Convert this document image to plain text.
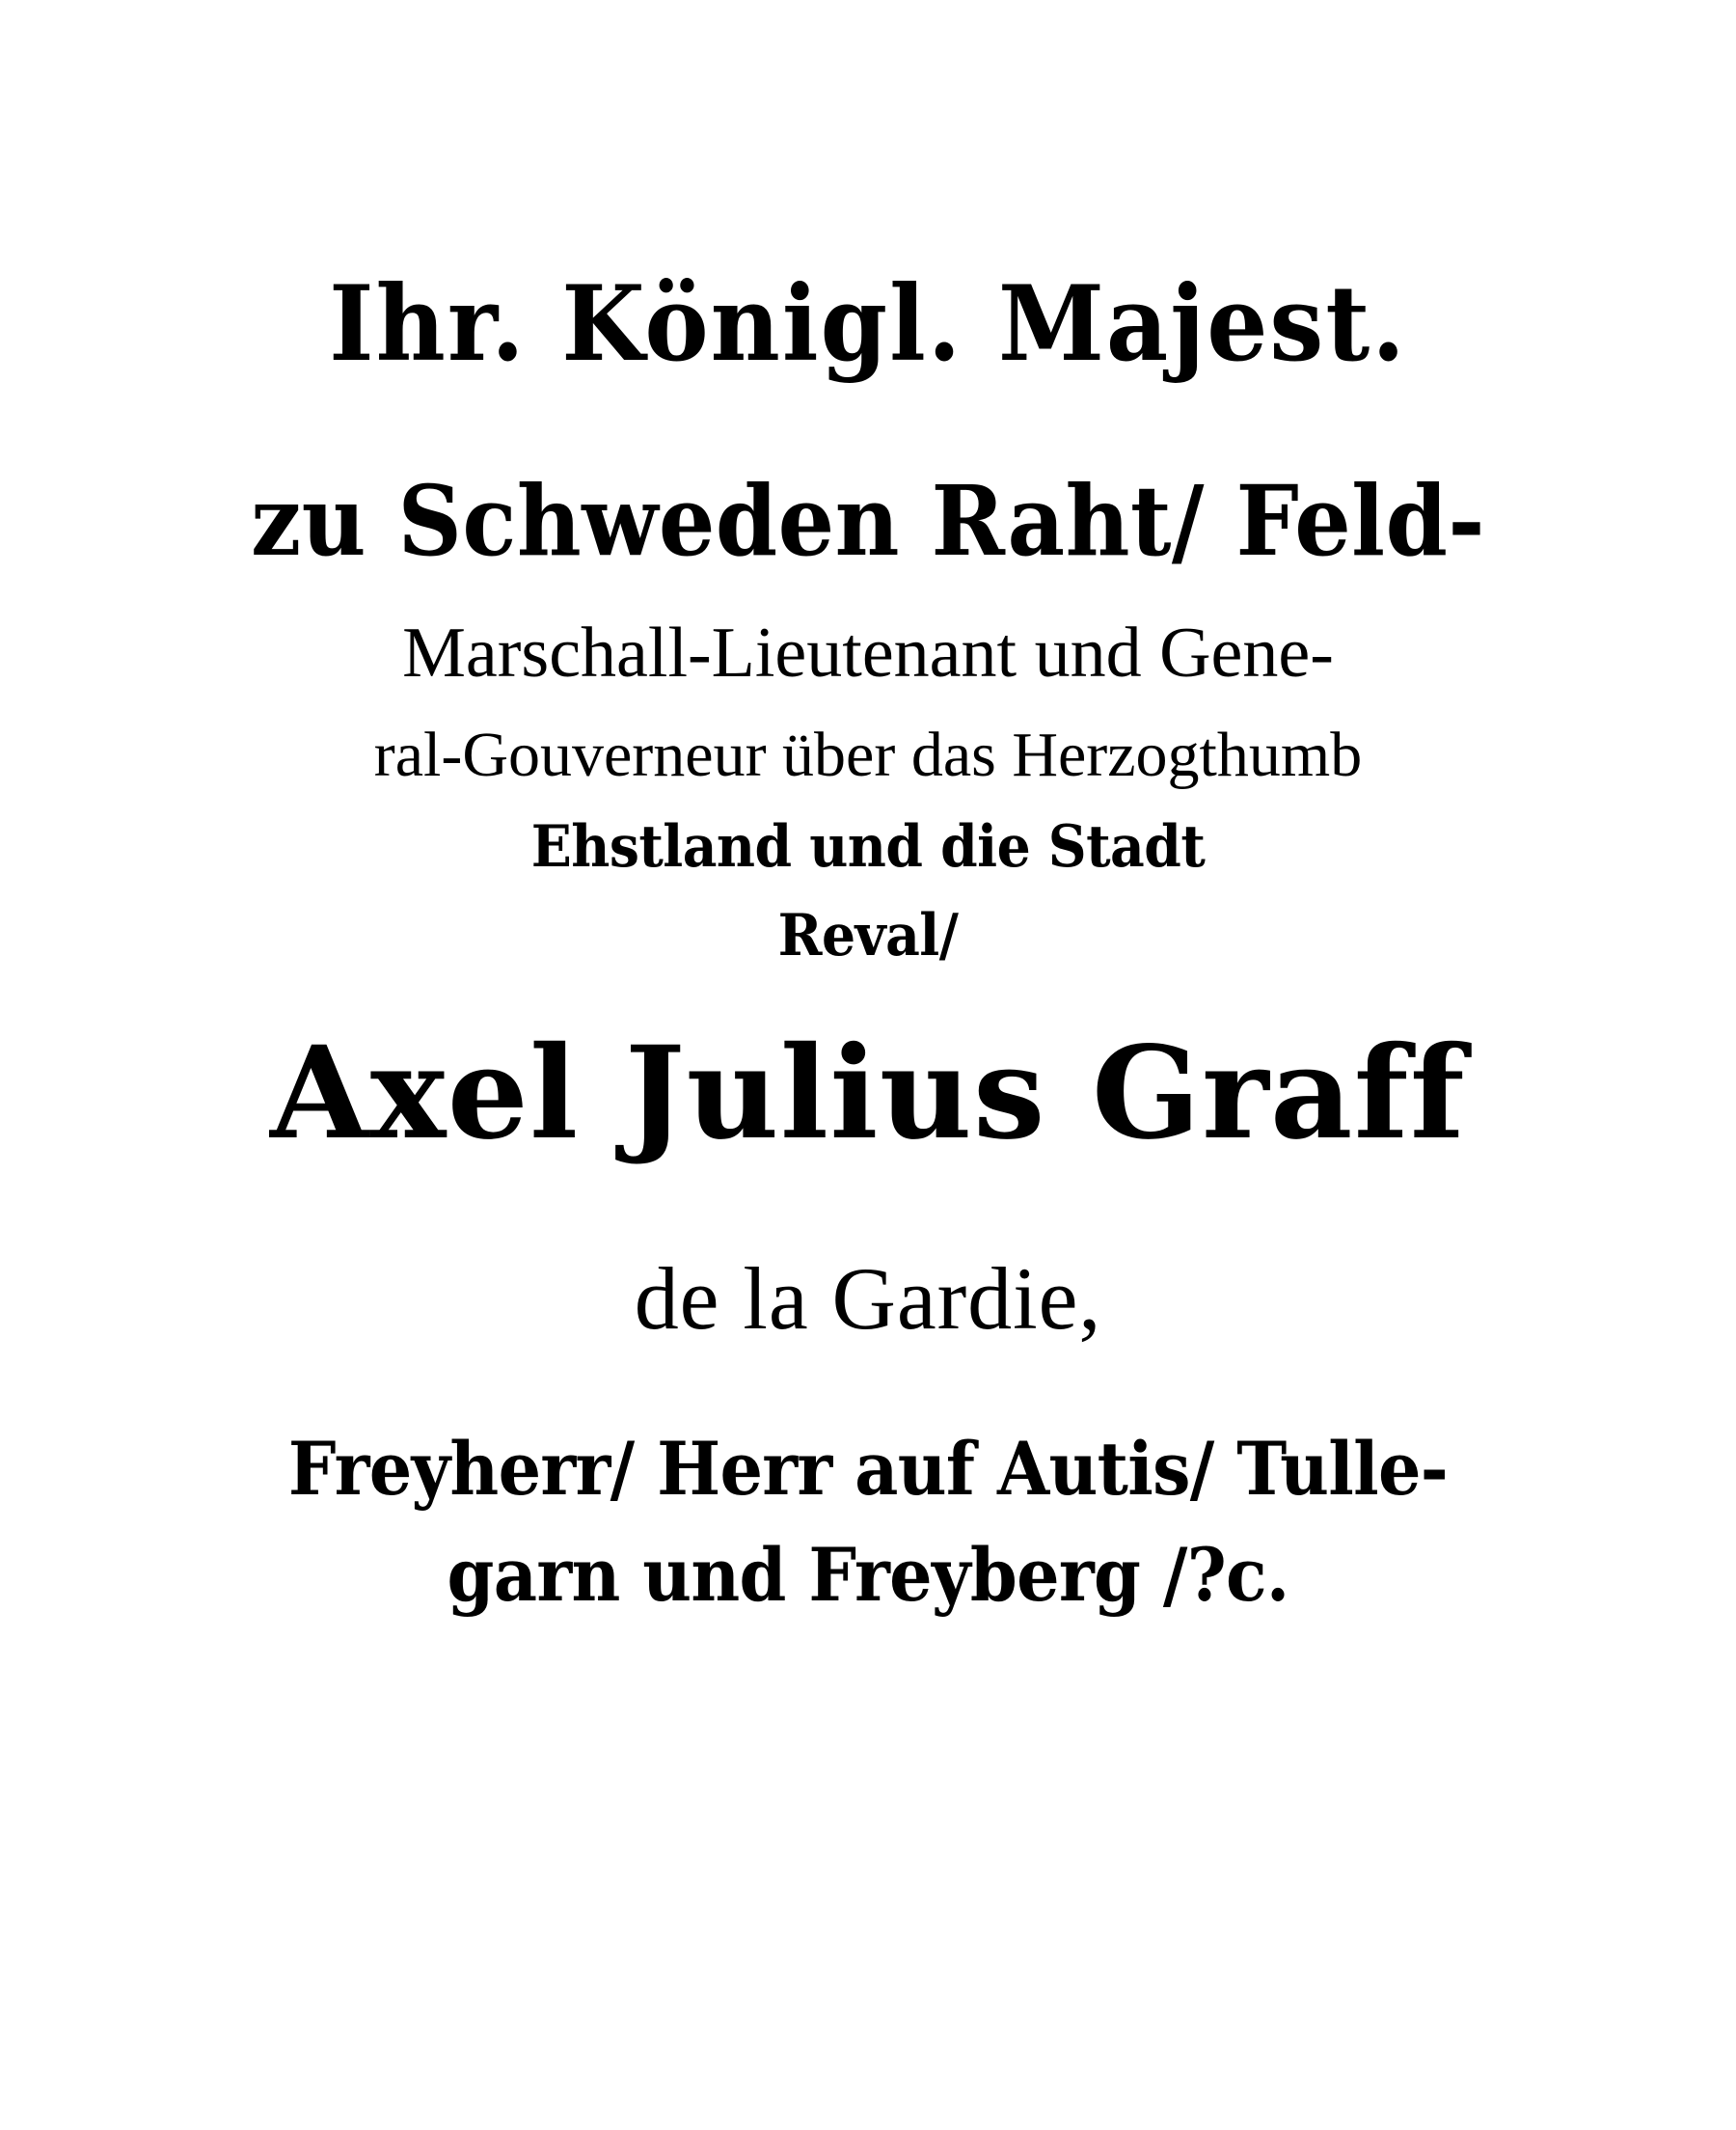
Ihr. Königl. Majest.
zu Schweden Raht/ Feld-
Marschall-Lieutenant und Gene-
ral-Gouverneur über das Herzogthumb
Ehstland und die Stadt
Reval/
Axel Julius Graff
de la Gardie,
Freyherr/ Herr auf Autis/ Tulle-
garn und Freyberg /?c.
